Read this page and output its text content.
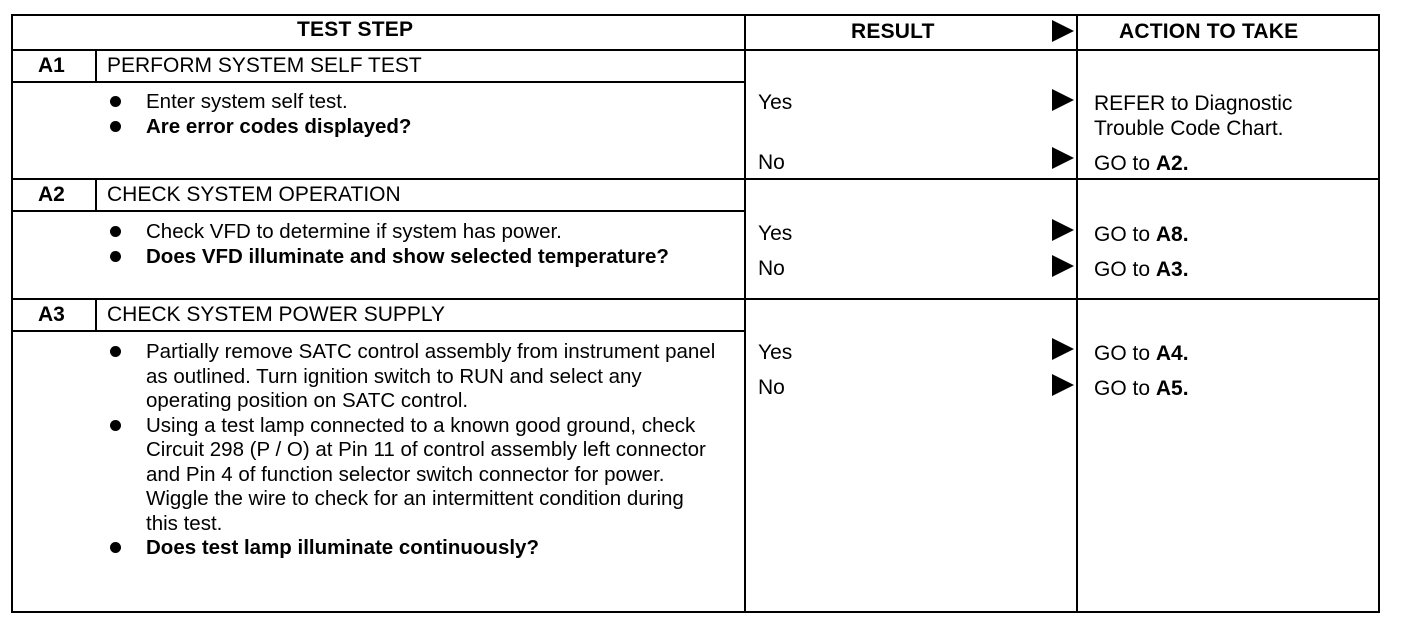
TEST STEP	RESULT	ACTION TO TAKE
A1 PERFORM SYSTEM SELF TEST
Enter system self test.
Are error codes displayed?
Yes	REFER to Diagnostic
Trouble Code Chart.
No	GO to A2.
A2 CHECK SYSTEM OPERATION
Check VFD to determine if system has power.
Does VFD illuminate and show selected temperature?
Yes	GO to A8.
No	GO to A3.
A3 CHECK SYSTEM POWER SUPPLY
Partially remove SATC control assembly from instrument panel as outlined. Turn ignition switch to RUN and select any operating position on SATC control.
Using a test lamp connected to a known good ground, check Circuit 298 (P / O) at Pin 11 of control assembly left connector and Pin 4 of function selector switch connector for power. Wiggle the wire to check for an intermittent condition during this test.
Does test lamp illuminate continuously?
Yes	GO to A4.
No	GO to A5.
